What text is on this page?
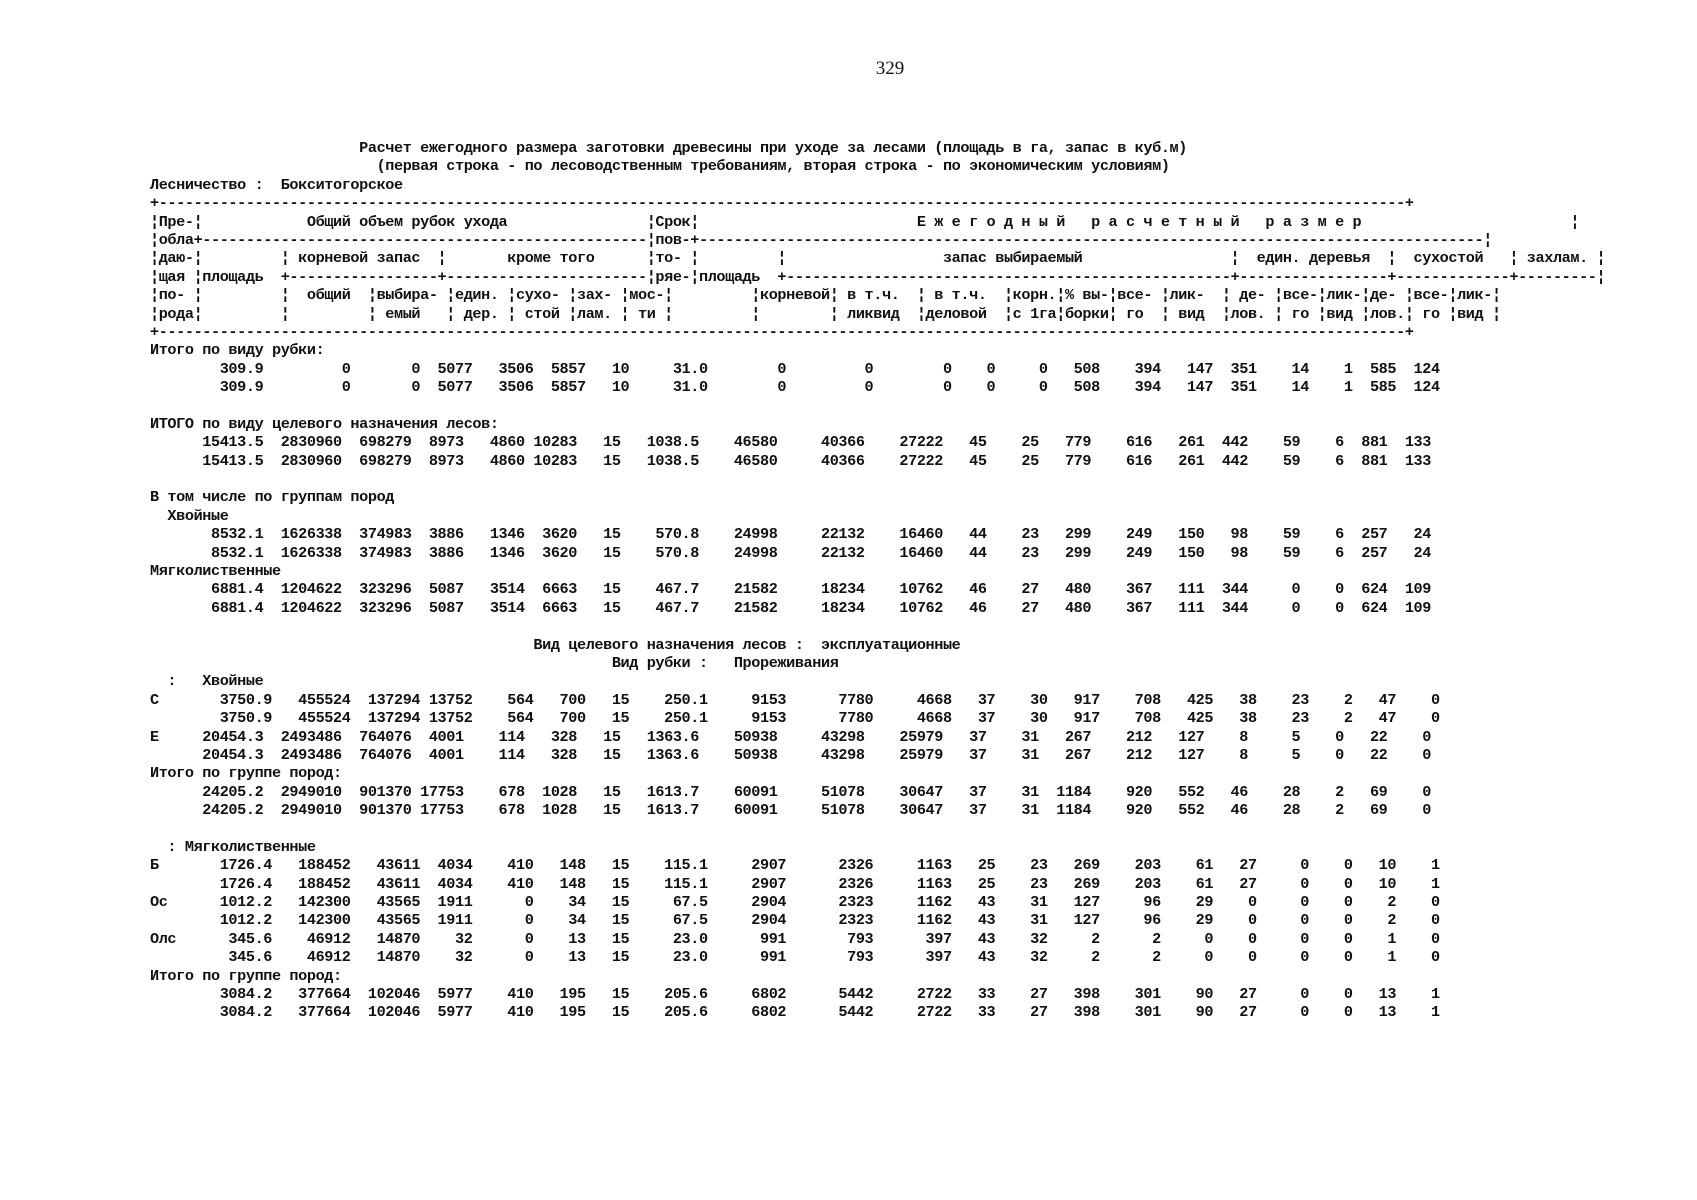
329
Расчет ежегодного размера заготовки древесины при уходе за лесами (площадь в га, запас в куб.м)
(первая строка - по лесоводственным требованиям, вторая строка - по экономическим условиям)
Лесничество :  Бокситогорское
+-----------------------------------------------------------------------------------------------------------------------------------------------+
¦Пре-¦            Общий объем рубок ухода                ¦Срок¦                         Е ж е г о д н ы й   р а с ч е т н ы й   р а з м е р                        ¦
¦обла+---------------------------------------------------¦пов-+------------------------------------------------------------------------------------------¦
¦даю-¦         ¦ корневой запас  ¦       кроме того      ¦то- ¦         ¦                  запас выбираемый                 ¦  един. деревья  ¦  сухостой   ¦ захлам. ¦
¦щая ¦площадь  +-----------------+-----------------------¦ряе-¦площадь  +---------------------------------------------------+-----------------+-------------+---------¦
¦по- ¦         ¦  общий  ¦выбира- ¦един. ¦сухо- ¦зах- ¦мос-¦         ¦корневой¦ в т.ч.  ¦ в т.ч.  ¦корн.¦% вы-¦все- ¦лик-  ¦ де- ¦все-¦лик-¦де- ¦все-¦лик-¦
¦рода¦         ¦         ¦ емый   ¦ дер. ¦ стой ¦лам. ¦ ти ¦         ¦        ¦ ликвид  ¦деловой  ¦с 1га¦борки¦ го  ¦ вид  ¦лов. ¦ го ¦вид ¦лов.¦ го ¦вид ¦
+-----------------------------------------------------------------------------------------------------------------------------------------------+
Итого по виду рубки:
309.9         0       0  5077   3506  5857   10     31.0        0         0        0    0     0   508    394   147  351    14    1  585  124
309.9         0       0  5077   3506  5857   10     31.0        0         0        0    0     0   508    394   147  351    14    1  585  124

ИТОГО по виду целевого назначения лесов:
15413.5  2830960  698279  8973   4860 10283   15   1038.5    46580     40366    27222   45    25   779    616   261  442    59    6  881  133
15413.5  2830960  698279  8973   4860 10283   15   1038.5    46580     40366    27222   45    25   779    616   261  442    59    6  881  133

В том числе по группам пород
Хвойные
8532.1  1626338  374983  3886   1346  3620   15    570.8    24998     22132    16460   44    23   299    249   150   98    59    6  257   24
8532.1  1626338  374983  3886   1346  3620   15    570.8    24998     22132    16460   44    23   299    249   150   98    59    6  257   24
Мягколиственные
6881.4  1204622  323296  5087   3514  6663   15    467.7    21582     18234    10762   46    27   480    367   111  344     0    0  624  109
6881.4  1204622  323296  5087   3514  6663   15    467.7    21582     18234    10762   46    27   480    367   111  344     0    0  624  109

Вид целевого назначения лесов :  эксплуатационные
Вид рубки :   Прореживания
:   Хвойные
С       3750.9   455524  137294 13752    564   700   15    250.1     9153      7780     4668   37    30   917    708   425   38    23    2   47    0
3750.9   455524  137294 13752    564   700   15    250.1     9153      7780     4668   37    30   917    708   425   38    23    2   47    0
Е     20454.3  2493486  764076  4001    114   328   15   1363.6    50938     43298    25979   37    31   267    212   127    8     5    0   22    0
20454.3  2493486  764076  4001    114   328   15   1363.6    50938     43298    25979   37    31   267    212   127    8     5    0   22    0
Итого по группе пород:
24205.2  2949010  901370 17753    678  1028   15   1613.7    60091     51078    30647   37    31  1184    920   552   46    28    2   69    0
24205.2  2949010  901370 17753    678  1028   15   1613.7    60091     51078    30647   37    31  1184    920   552   46    28    2   69    0

: Мягколиственные
Б       1726.4   188452   43611  4034    410   148   15    115.1     2907      2326     1163   25    23   269    203    61   27     0    0   10    1
1726.4   188452   43611  4034    410   148   15    115.1     2907      2326     1163   25    23   269    203    61   27     0    0   10    1
Ос      1012.2   142300   43565  1911      0    34   15     67.5     2904      2323     1162   43    31   127     96    29    0     0    0    2    0
1012.2   142300   43565  1911      0    34   15     67.5     2904      2323     1162   43    31   127     96    29    0     0    0    2    0
Олс      345.6    46912   14870    32      0    13   15     23.0      991       793      397   43    32     2      2     0    0     0    0    1    0
345.6    46912   14870    32      0    13   15     23.0      991       793      397   43    32     2      2     0    0     0    0    1    0
Итого по группе пород:
3084.2   377664  102046  5977    410   195   15    205.6     6802      5442     2722   33    27   398    301    90   27     0    0   13    1
3084.2   377664  102046  5977    410   195   15    205.6     6802      5442     2722   33    27   398    301    90   27     0    0   13    1
